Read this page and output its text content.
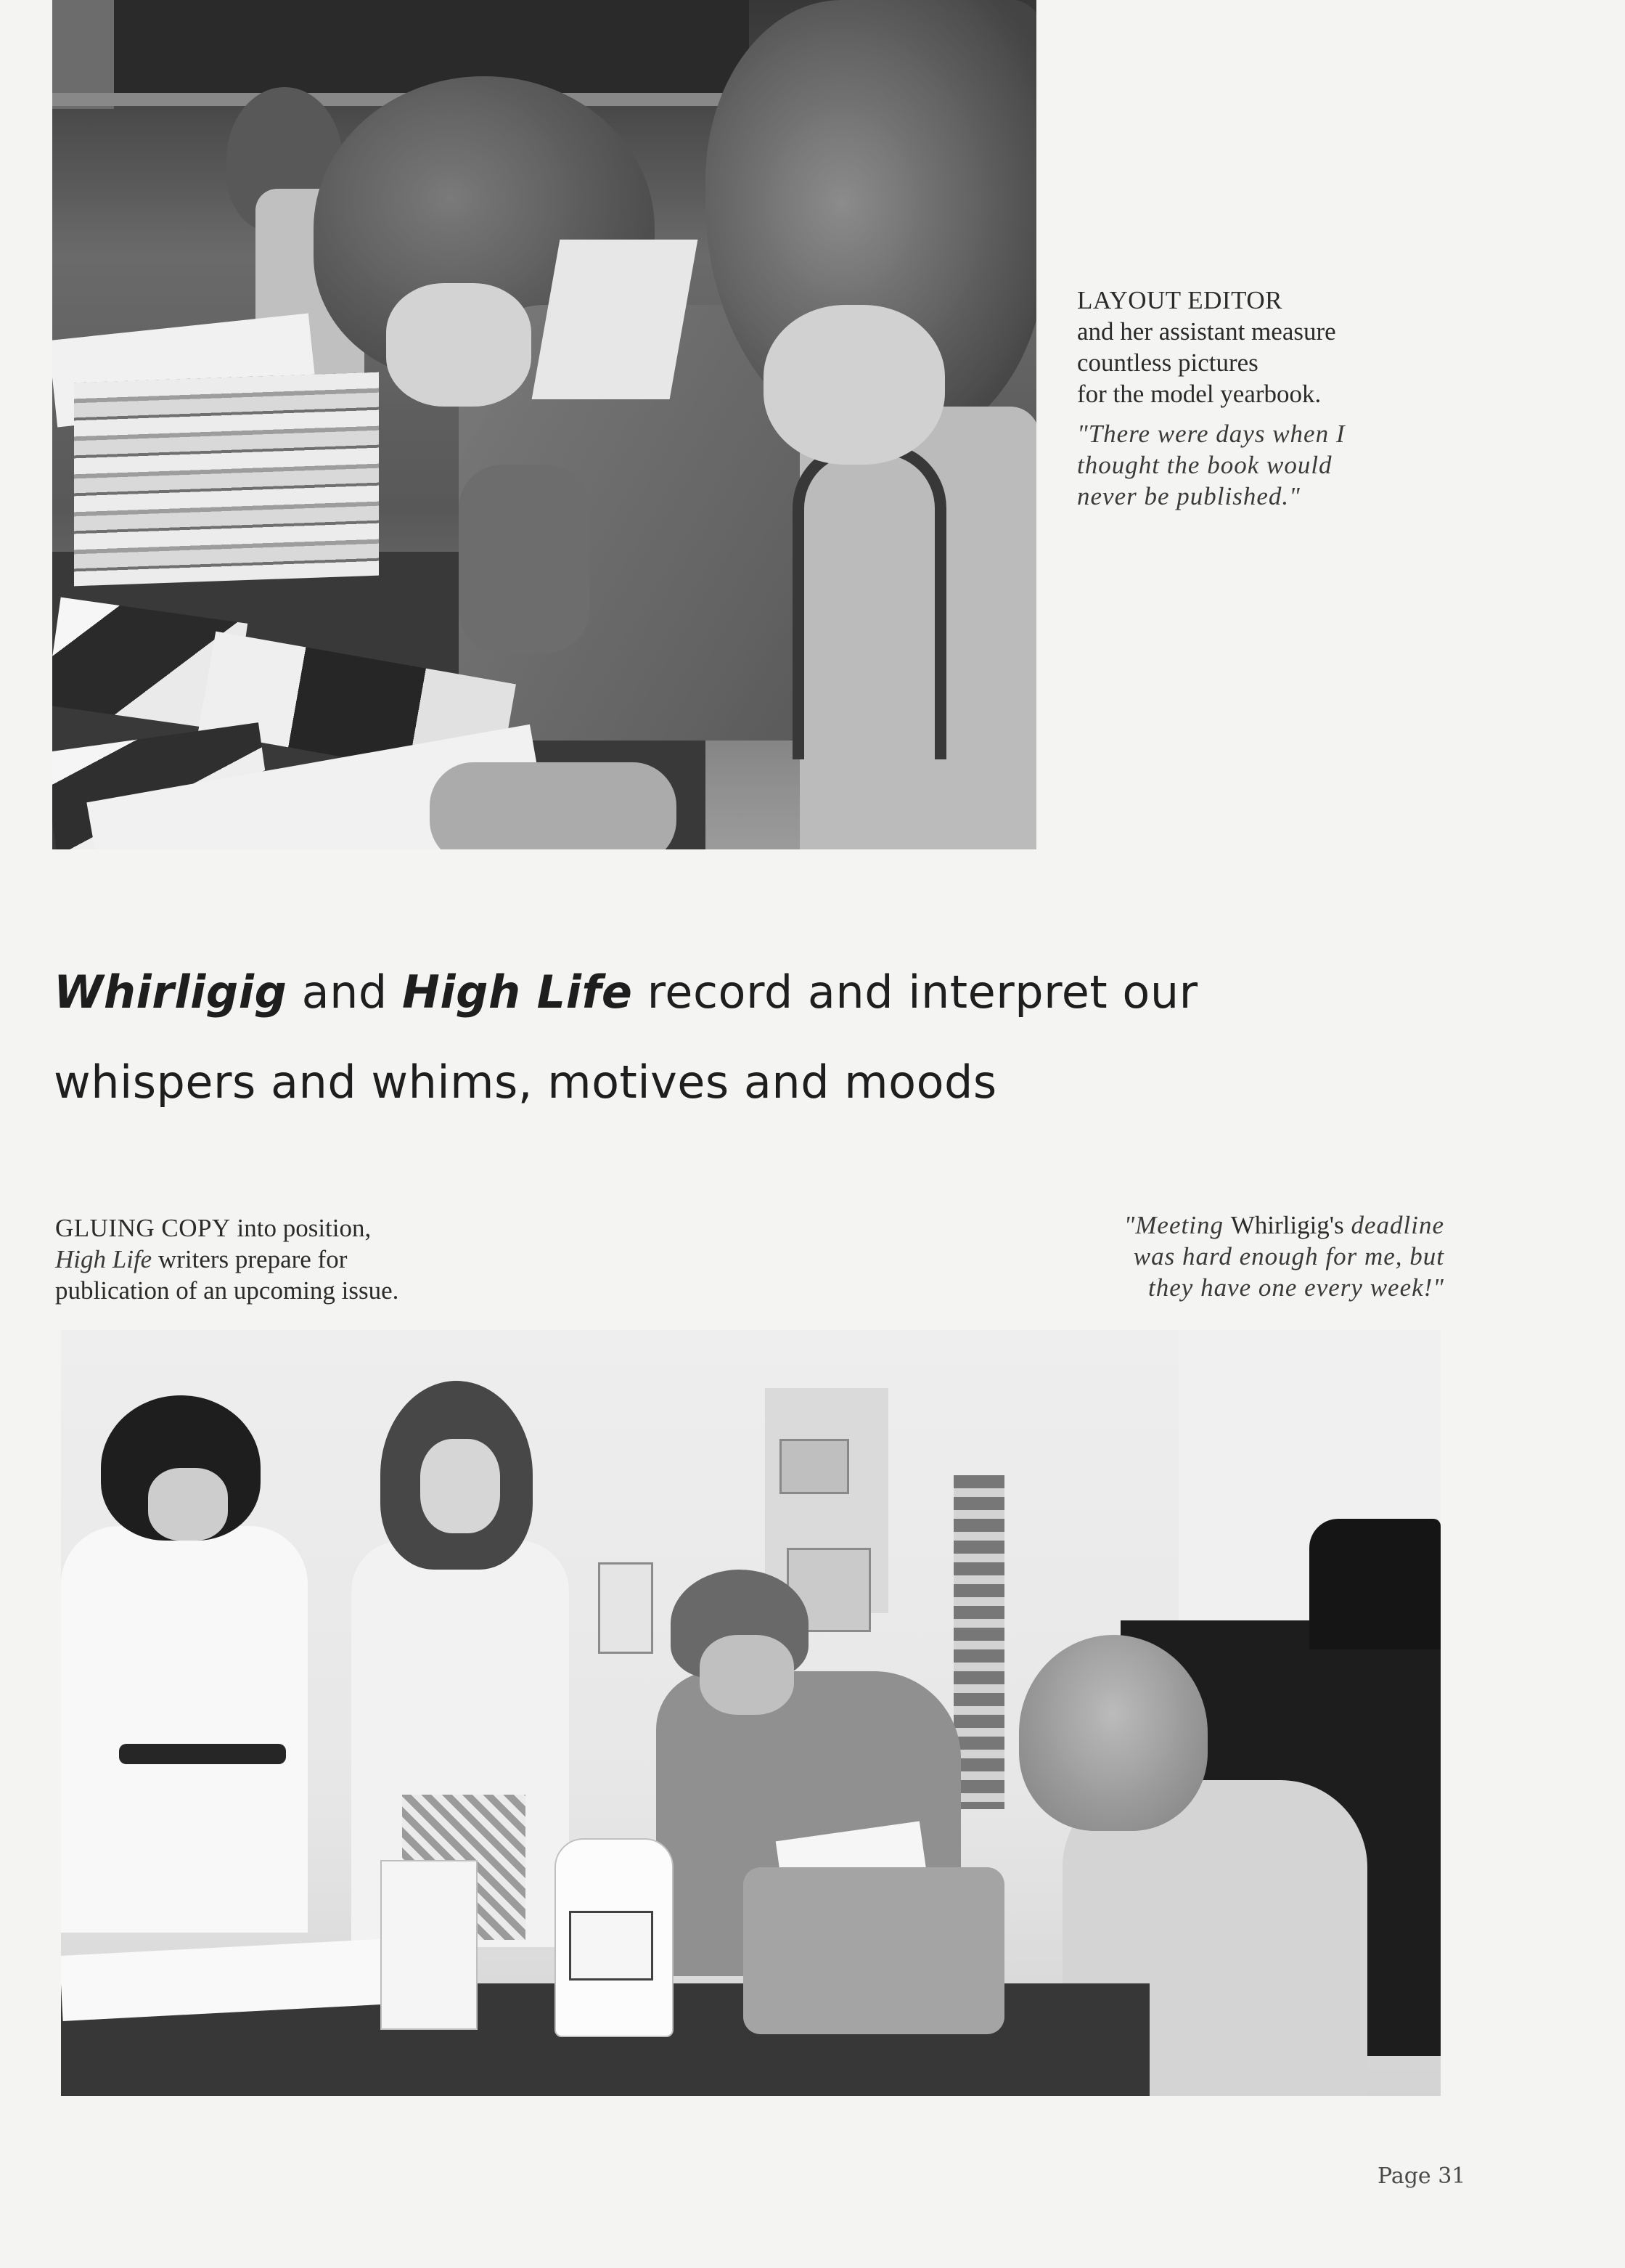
LAYOUT EDITOR
and her assistant measure
countless pictures
for the model yearbook.
"There were days when I
thought the book would
never be published."

Whirligig and High Life record and interpret our
whispers and whims, motives and moods

GLUING COPY into position,
High Life writers prepare for
publication of an upcoming issue.

"Meeting Whirligig's deadline
was hard enough for me, but
they have one every week!"

Page 31
